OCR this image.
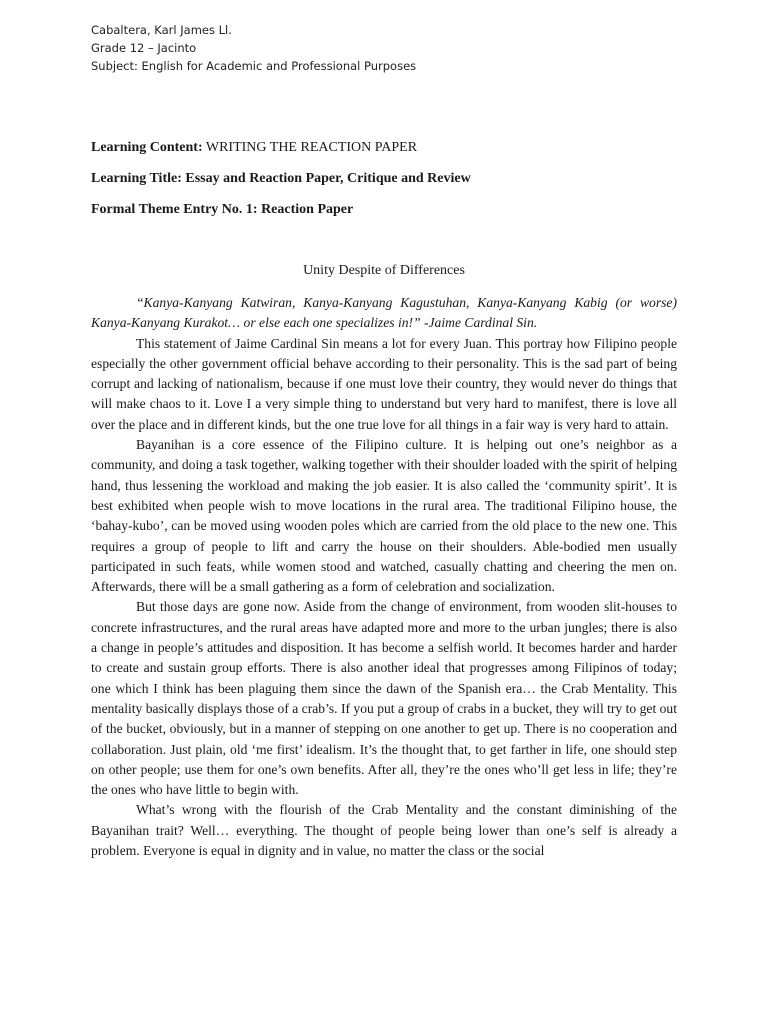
Cabaltera, Karl James Ll.
Grade 12 – Jacinto
Subject: English for Academic and Professional Purposes
Learning Content: WRITING THE REACTION PAPER
Learning Title: Essay and Reaction Paper, Critique and Review
Formal Theme Entry No. 1: Reaction Paper
Unity Despite of Differences

“Kanya-Kanyang Katwiran, Kanya-Kanyang Kagustuhan, Kanya-Kanyang Kabig (or worse) Kanya-Kanyang Kurakot… or else each one specializes in!” -Jaime Cardinal Sin.

This statement of Jaime Cardinal Sin means a lot for every Juan. This portray how Filipino people especially the other government official behave according to their personality. This is the sad part of being corrupt and lacking of nationalism, because if one must love their country, they would never do things that will make chaos to it. Love I a very simple thing to understand but very hard to manifest, there is love all over the place and in different kinds, but the one true love for all things in a fair way is very hard to attain.

Bayanihan is a core essence of the Filipino culture. It is helping out one’s neighbor as a community, and doing a task together, walking together with their shoulder loaded with the spirit of helping hand, thus lessening the workload and making the job easier. It is also called the ‘community spirit’. It is best exhibited when people wish to move locations in the rural area. The traditional Filipino house, the ‘bahay-kubo’, can be moved using wooden poles which are carried from the old place to the new one. This requires a group of people to lift and carry the house on their shoulders. Able-bodied men usually participated in such feats, while women stood and watched, casually chatting and cheering the men on. Afterwards, there will be a small gathering as a form of celebration and socialization.

But those days are gone now. Aside from the change of environment, from wooden slit-houses to concrete infrastructures, and the rural areas have adapted more and more to the urban jungles; there is also a change in people’s attitudes and disposition. It has become a selfish world. It becomes harder and harder to create and sustain group efforts. There is also another ideal that progresses among Filipinos of today; one which I think has been plaguing them since the dawn of the Spanish era… the Crab Mentality. This mentality basically displays those of a crab’s. If you put a group of crabs in a bucket, they will try to get out of the bucket, obviously, but in a manner of stepping on one another to get up. There is no cooperation and collaboration. Just plain, old ‘me first’ idealism. It’s the thought that, to get farther in life, one should step on other people; use them for one’s own benefits. After all, they’re the ones who’ll get less in life; they’re the ones who have little to begin with.

What’s wrong with the flourish of the Crab Mentality and the constant diminishing of the Bayanihan trait? Well… everything. The thought of people being lower than one’s self is already a problem. Everyone is equal in dignity and in value, no matter the class or the social
